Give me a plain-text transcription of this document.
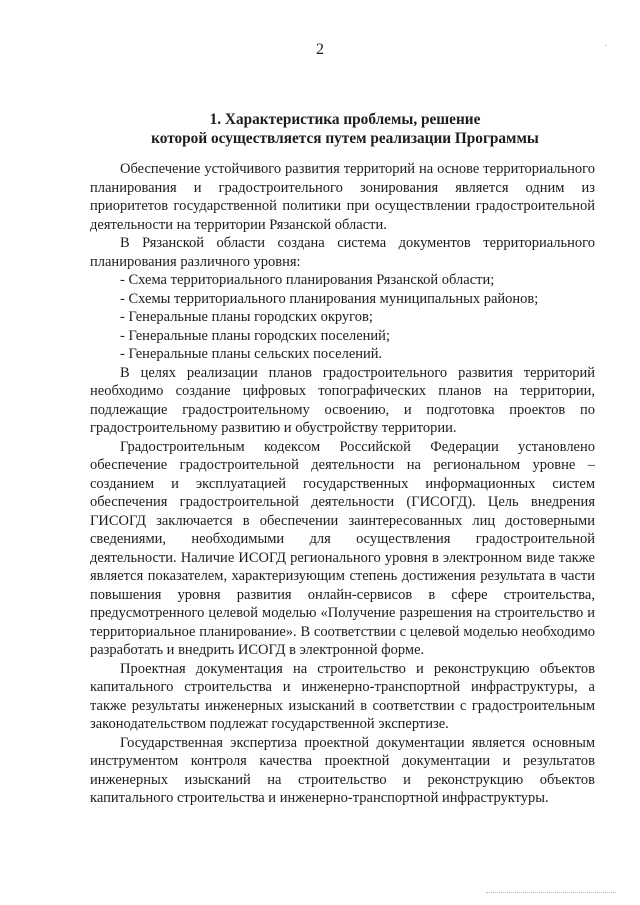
2	·
1. Характеристика проблемы, решение
которой осуществляется путем реализации Программы

Обеспечение устойчивого развития территорий на основе территориального планирования и градостроительного зонирования является одним из приоритетов государственной политики при осуществлении градостроительной деятельности на территории Рязанской области.

В Рязанской области создана система документов территориального планирования различного уровня:

- Схема территориального планирования Рязанской области;
- Схемы территориального планирования муниципальных районов;
- Генеральные планы городских округов;
- Генеральные планы городских поселений;
- Генеральные планы сельских поселений.

В целях реализации планов градостроительного развития территорий необходимо создание цифровых топографических планов на территории, подлежащие градостроительному освоению, и подготовка проектов по градостроительному развитию и обустройству территории.

Градостроительным кодексом Российской Федерации установлено обеспечение градостроительной деятельности на региональном уровне – созданием и эксплуатацией государственных информационных систем обеспечения градостроительной деятельности (ГИСОГД). Цель внедрения ГИСОГД заключается в обеспечении заинтересованных лиц достоверными сведениями, необходимыми для осуществления градостроительной деятельности. Наличие ИСОГД регионального уровня в электронном виде также является показателем, характеризующим степень достижения результата в части повышения уровня развития онлайн-сервисов в сфере строительства, предусмотренного целевой моделью «Получение разрешения на строительство и территориальное планирование». В соответствии с целевой моделью необходимо разработать и внедрить ИСОГД в электронной форме.

Проектная документация на строительство и реконструкцию объектов капитального строительства и инженерно-транспортной инфраструктуры, а также результаты инженерных изысканий в соответствии с градостроительным законодательством подлежат государственной экспертизе.

Государственная экспертиза проектной документации является основным инструментом контроля качества проектной документации и результатов инженерных изысканий на строительство и реконструкцию объектов капитального строительства и инженерно-транспортной инфраструктуры.
